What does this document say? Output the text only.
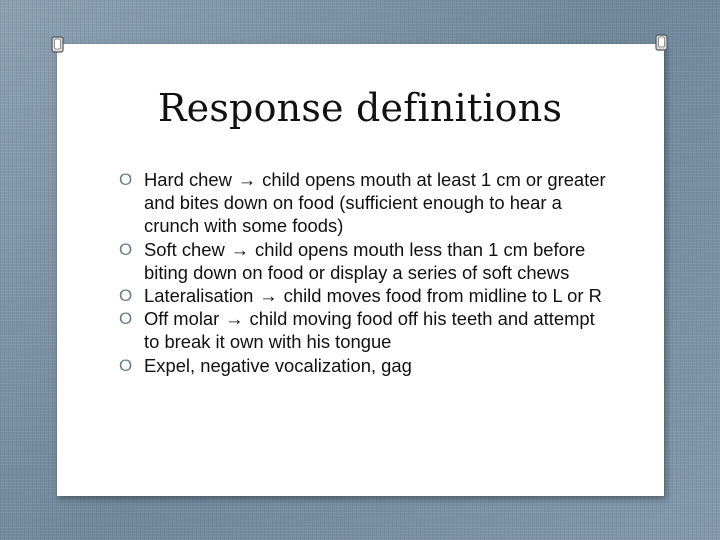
Response definitions
O Hard chew → child opens mouth at least 1 cm or greater and bites down on food (sufficient enough to hear a crunch with some foods)
O Soft chew → child opens mouth less than 1 cm before biting down on food or display a series of soft chews
O Lateralisation → child moves food from midline to L or R
O Off molar → child moving food off his teeth and attempt to break it own with his tongue
O Expel, negative vocalization, gag
